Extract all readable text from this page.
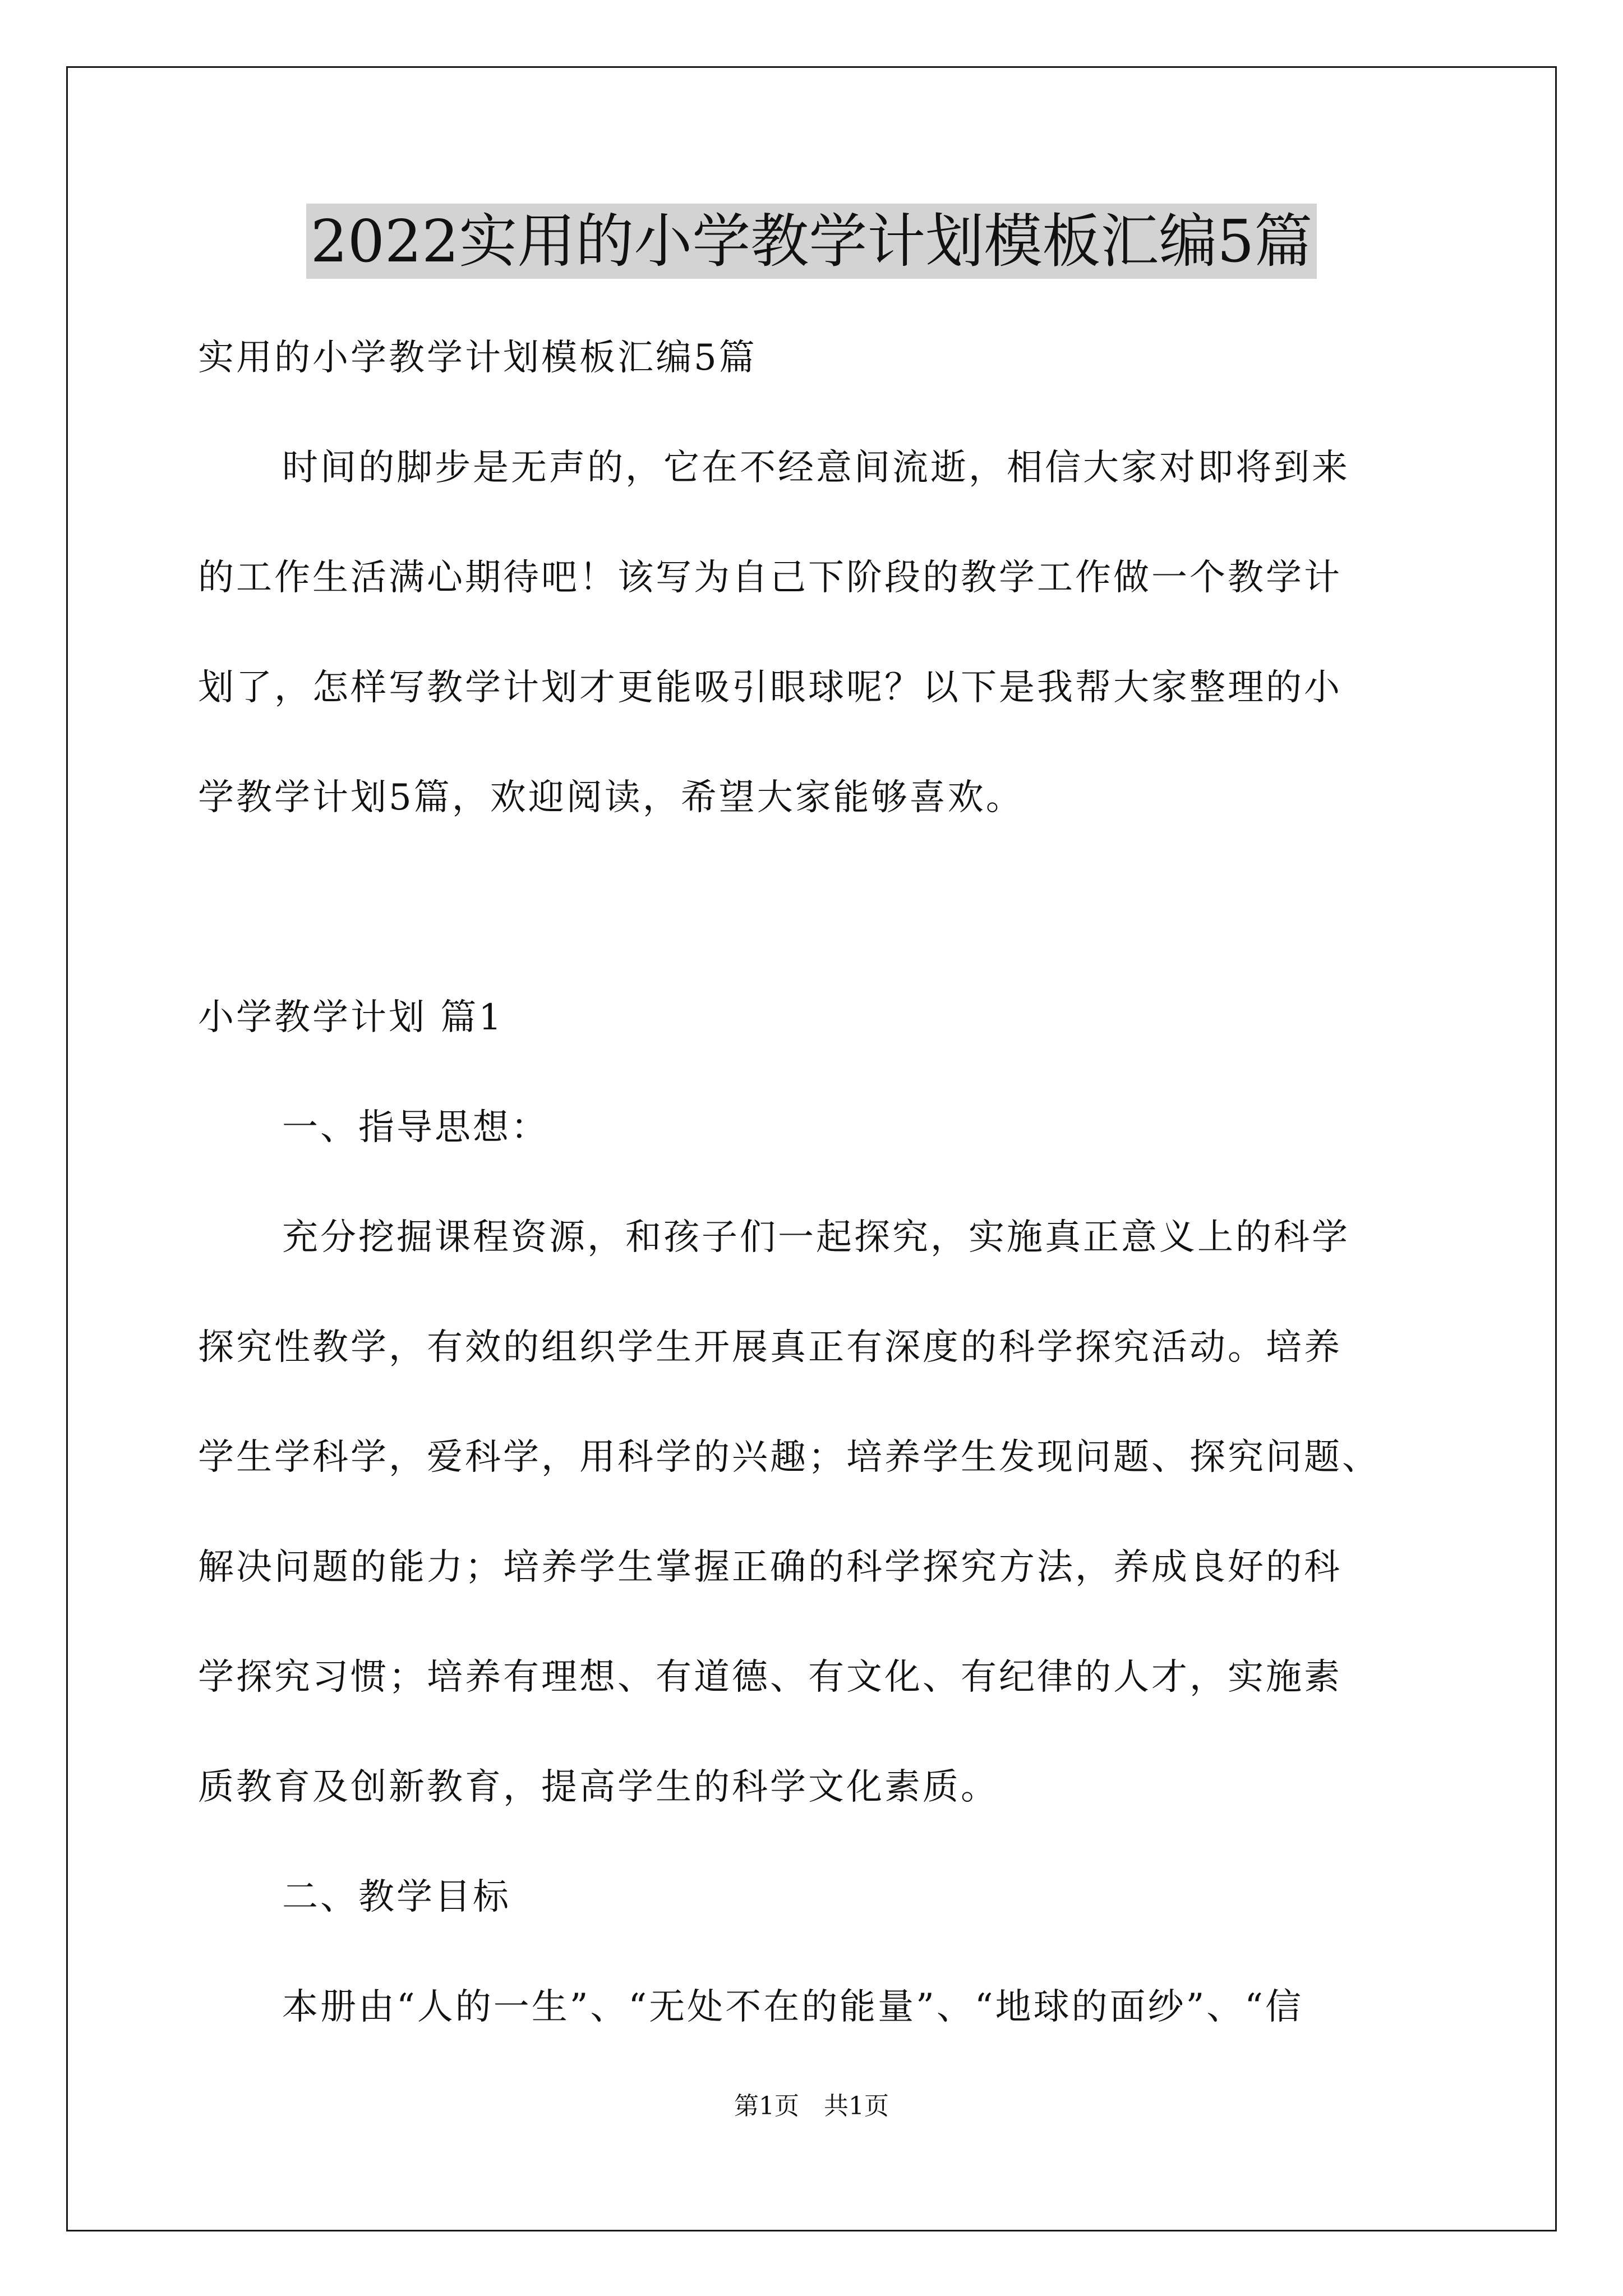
2022实用的小学教学计划模板汇编5篇

实用的小学教学计划模板汇编5篇

时间的脚步是无声的，它在不经意间流逝，相信大家对即将到来

的工作生活满心期待吧！该写为自己下阶段的教学工作做一个教学计

划了，怎样写教学计划才更能吸引眼球呢？以下是我帮大家整理的小

学教学计划5篇，欢迎阅读，希望大家能够喜欢。

小学教学计划 篇1

一、指导思想：

充分挖掘课程资源，和孩子们一起探究，实施真正意义上的科学

探究性教学，有效的组织学生开展真正有深度的科学探究活动。培养

学生学科学，爱科学，用科学的兴趣；培养学生发现问题、探究问题、

解决问题的能力；培养学生掌握正确的科学探究方法，养成良好的科

学探究习惯；培养有理想、有道德、有文化、有纪律的人才，实施素

质教育及创新教育，提高学生的科学文化素质。

二、教学目标

本册由“人的一生”、“无处不在的能量”、“地球的面纱”、“信

第1页 共1页
